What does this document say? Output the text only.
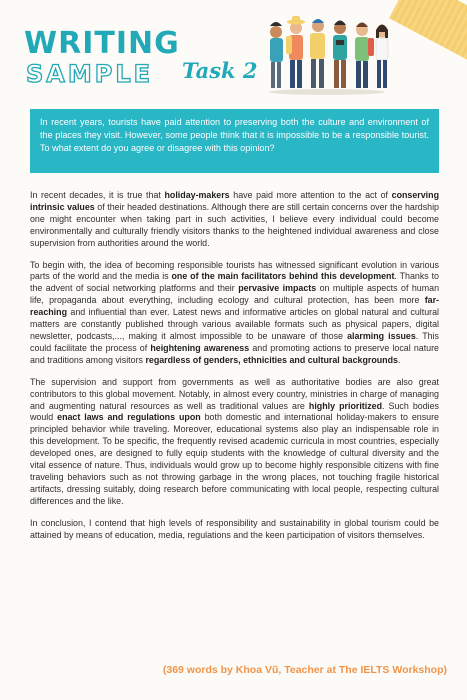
WRITING
SAMPLE Task 2
In recent years, tourists have paid attention to preserving both the culture and environment of the places they visit. However, some people think that it is impossible to be a responsible tourist. To what extent do you agree or disagree with this opinion?

In recent decades, it is true that holiday-makers have paid more attention to the act of conserving intrinsic values of their headed destinations. Although there are still certain concerns over the hardship one might encounter when taking part in such activities, I believe every individual could become environmentally and culturally friendly visitors thanks to the heightened individual awareness and close supervision from authorities around the world.

To begin with, the idea of becoming responsible tourists has witnessed significant evolution in various parts of the world and the media is one of the main facilitators behind this development. Thanks to the advent of social networking platforms and their pervasive impacts on multiple aspects of human life, propaganda about everything, including ecology and cultural protection, has been more far-reaching and influential than ever. Latest news and informative articles on global natural and cultural matters are constantly published through various available formats such as physical papers, digital newsletter, podcasts,..., making it almost impossible to be unaware of those alarming issues. This could facilitate the process of heightening awareness and promoting actions to preserve local nature and traditions among visitors regardless of genders, ethnicities and cultural backgrounds.

The supervision and support from governments as well as authoritative bodies are also great contributors to this global movement. Notably, in almost every country, ministries in charge of managing and augmenting natural resources as well as traditional values are highly prioritized. Such bodies would enact laws and regulations upon both domestic and international holiday-makers to ensure principled behavior while traveling. Moreover, educational systems also play an indispensable role in this development. To be specific, the frequently revised academic curricula in most countries, especially developed ones, are designed to fully equip students with the knowledge of cultural diversity and the vital essence of nature. Thus, individuals would grow up to become highly responsible citizens with fine traveling behaviors such as not throwing garbage in the wrong places, not touching fragile historical artifacts, dressing suitably, doing research before communicating with local people, respecting cultural differences and the like.

In conclusion, I contend that high levels of responsibility and sustainability in global tourism could be attained by means of education, media, regulations and the keen participation of visitors themselves.

(369 words by Khoa Vũ, Teacher at The IELTS Workshop)
